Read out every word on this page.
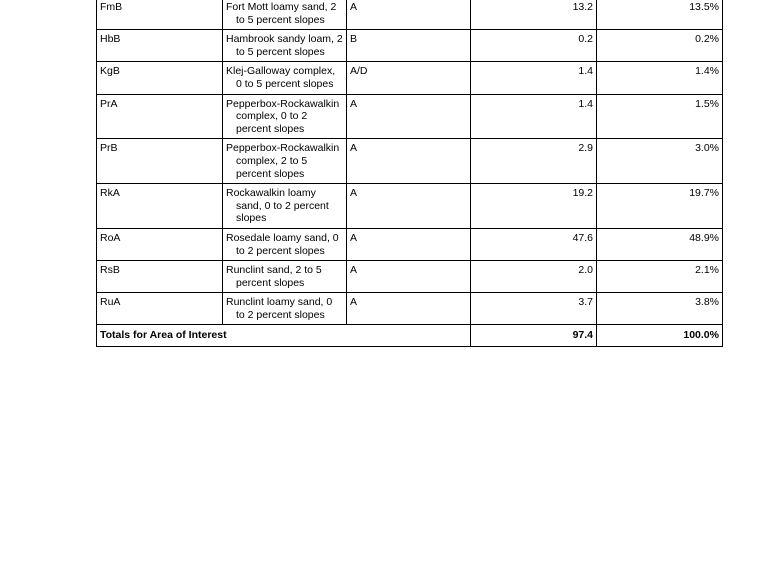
FmB	Fort Mott loamy sand, 2 to 5 percent slopes	A	13.2	13.5%
HbB	Hambrook sandy loam, 2 to 5 percent slopes	B	0.2	0.2%
KgB	Klej-Galloway complex, 0 to 5 percent slopes	A/D	1.4	1.4%
PrA	Pepperbox-Rockawalkin complex, 0 to 2 percent slopes	A	1.4	1.5%
PrB	Pepperbox-Rockawalkin complex, 2 to 5 percent slopes	A	2.9	3.0%
RkA	Rockawalkin loamy sand, 0 to 2 percent slopes	A	19.2	19.7%
RoA	Rosedale loamy sand, 0 to 2 percent slopes	A	47.6	48.9%
RsB	Runclint sand, 2 to 5 percent slopes	A	2.0	2.1%
RuA	Runclint loamy sand, 0 to 2 percent slopes	A	3.7	3.8%
Totals for Area of Interest			97.4	100.0%
